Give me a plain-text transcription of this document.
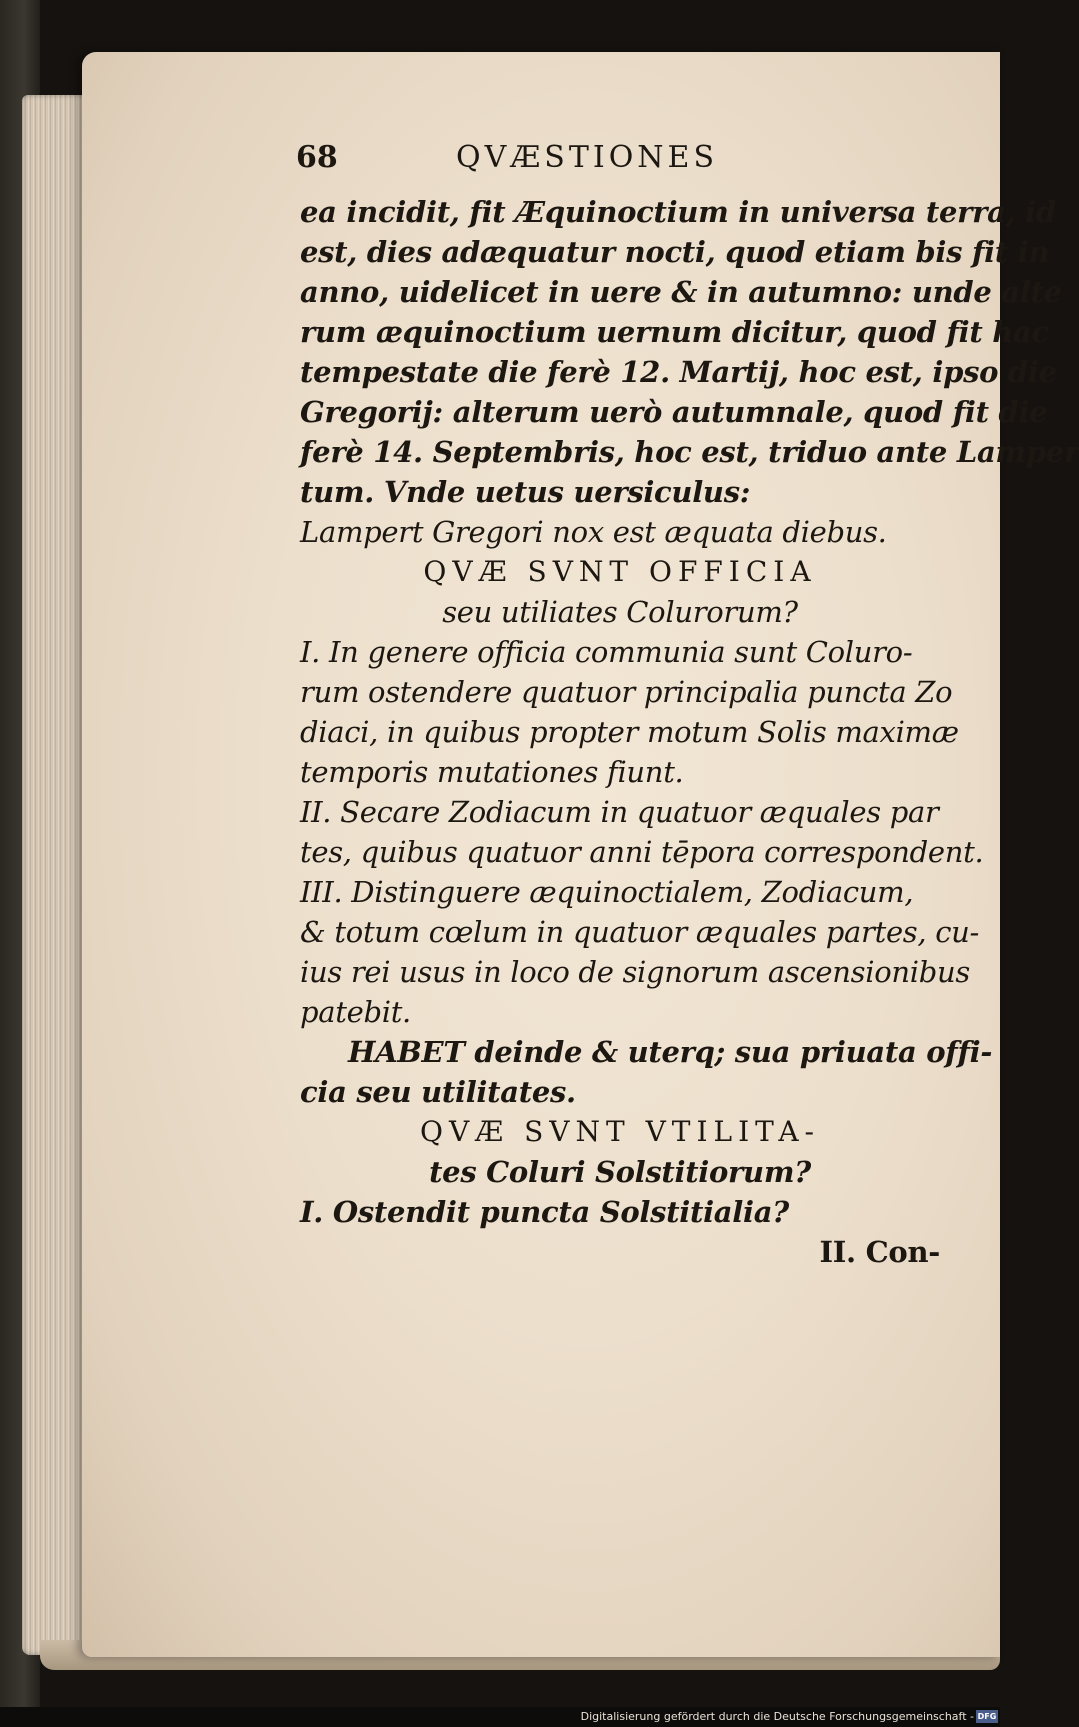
68	QVÆSTIONES
ea incidit, fit Æquinoctium in universa terra, id
est, dies adæquatur nocti, quod etiam bis fit in
anno, uidelicet in uere & in autumno: unde alte
rum æquinoctium uernum dicitur, quod fit hac
tempestate die ferè 12. Martij, hoc est, ipso die
Gregorij: alterum uerò autumnale, quod fit die
ferè 14. Septembris, hoc est, triduo ante Lamper
tum. Vnde uetus uersiculus:
Lampert Gregori nox est æquata diebus.
QVÆ SVNT OFFICIA
seu utiliates Colurorum?
I. In genere officia communia sunt Coluro-
rum ostendere quatuor principalia puncta Zo
diaci, in quibus propter motum Solis maximæ
temporis mutationes fiunt.
II. Secare Zodiacum in quatuor æquales par
tes, quibus quatuor anni tēpora correspondent.
III. Distinguere æquinoctialem, Zodiacum,
& totum cœlum in quatuor æquales partes, cu-
ius rei usus in loco de signorum ascensionibus
patebit.
HABET deinde & uterq; sua priuata offi-
cia seu utilitates.
QVÆ SVNT VTILITA-
tes Coluri Solstitiorum?
I. Ostendit puncta Solstitialia?
II. Con-
Digitalisierung gefördert durch die Deutsche Forschungsgemeinschaft - DFG
